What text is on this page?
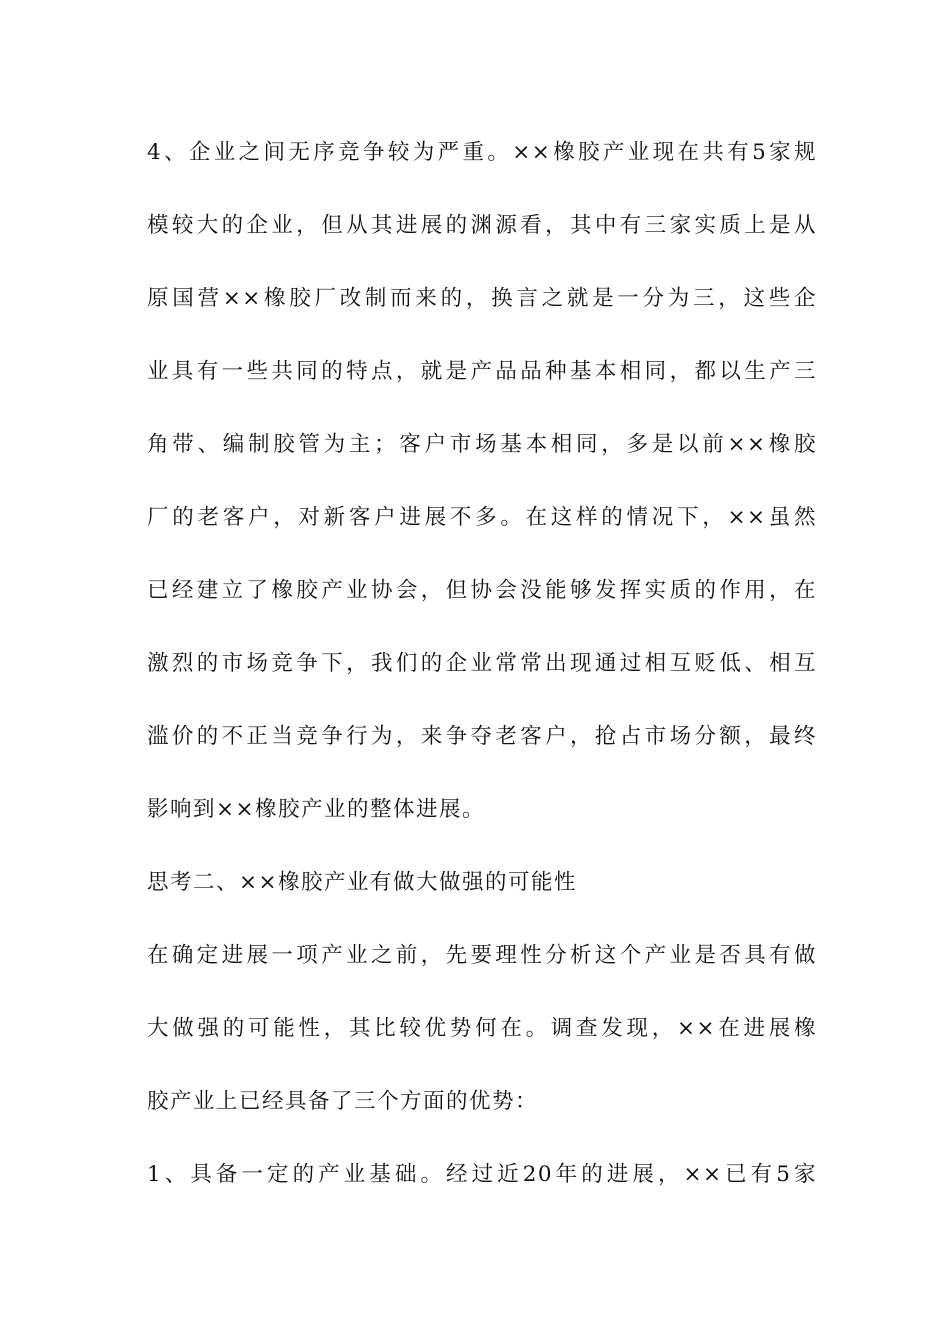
4、企业之间无序竞争较为严重。××橡胶产业现在共有5家规
模较大的企业，但从其进展的渊源看，其中有三家实质上是从
原国营××橡胶厂改制而来的，换言之就是一分为三，这些企
业具有一些共同的特点，就是产品品种基本相同，都以生产三
角带、编制胶管为主；客户市场基本相同，多是以前××橡胶
厂的老客户，对新客户进展不多。在这样的情况下，××虽然
已经建立了橡胶产业协会，但协会没能够发挥实质的作用，在
激烈的市场竞争下，我们的企业常常出现通过相互贬低、相互
滥价的不正当竞争行为，来争夺老客户，抢占市场分额，最终
影响到××橡胶产业的整体进展。
思考二、××橡胶产业有做大做强的可能性
在确定进展一项产业之前，先要理性分析这个产业是否具有做
大做强的可能性，其比较优势何在。调查发现，××在进展橡
胶产业上已经具备了三个方面的优势：
1、具备一定的产业基础。经过近20年的进展，××已有5家
